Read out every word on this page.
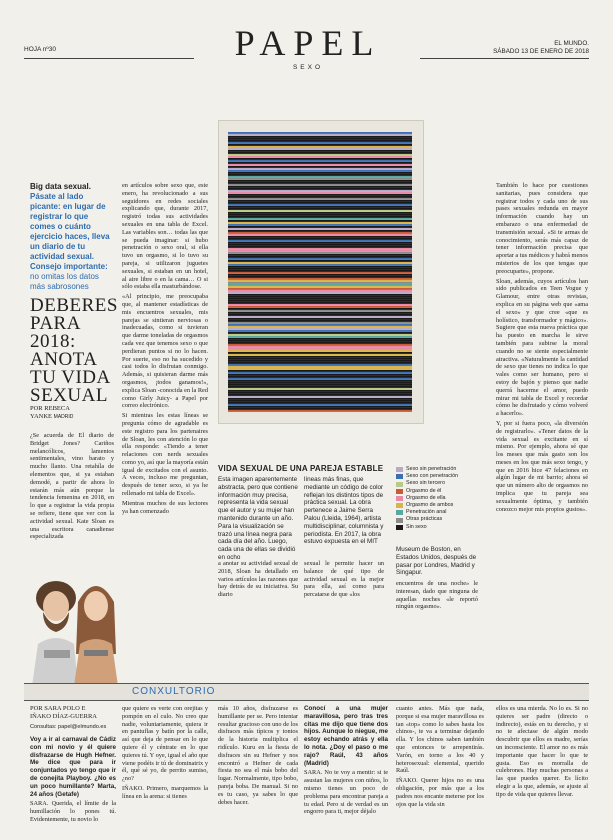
HOJA nº30	PAPEL
SEXO
EL MUNDO.
SÁBADO 13 DE ENERO DE 2018
Big data sexual.
Pásate al lado picante: en lugar de registrar lo que comes o cuánto ejercicio haces, lleva un diario de tu actividad sexual.
Consejo importante:
no omitas los datos más sabrosones
DEBERES
PARA
2018:
ANOTA
TU VIDA
SEXUAL
POR REBECA
YANKE MADRID

¿Se acuerda de El diario de Bridget Jones? Cariños melancólicos, lamentos sentimentales, vino barato y mucho llanto. Una retahíla de elementos que, si ya estaban demodé, a partir de ahora lo estarán más aún porque la tendencia femenina en 2018, en lo que a registrar la vida propia se refiere, tiene que ver con la actividad sexual. Kate Sloan es una escritora canadiense especializada

en artículos sobre sexo que, este enero, ha revolucionado a sus seguidores en redes sociales explicando que, durante 2017, registró todas sus actividades sexuales en una tabla de Excel. Las variables son… todas las que se pueda imaginar: si hubo penetración o sexo oral, si ella tuvo un orgasmo, si lo tuvo su pareja, si utilizaron juguetes sexuales, si estaban en un hotel, al aire libre o en la cama… O si sólo estaba ella masturbándose.

«Al principio, me preocupaba que, al mantener estadísticas de mis encuentros sexuales, mis parejas se sintieran nerviosas o inadecuadas, como si tuvieran que darme toneladas de orgasmos cada vez que tenemos sexo o que perdieran puntos si no lo hacen. Por suerte, eso no ha sucedido y casi todos lo disfrutan conmigo. Además, si quisieran darme más orgasmos, ¡todos ganamos!», explica Sloan -conocida en la Red como Girly Juicy- a Papel por correo electrónico.

Si mientras les estas líneas se pregunta cómo de agradable es este registro para los partenaires de Sloan, les con atención lo que ella responde: «Tiendo a tener relaciones con nerds sexuales como yo, así que la mayoría están igual de excitados con el asunto. A veces, incluso me preguntan, después de tener sexo, si ya he rellenado mi tabla de Excel».

Mientras muchos de sus lectores ya han comenzado

VIDA SEXUAL DE UNA PAREJA ESTABLE
Esta imagen aparentemente abstracta, pero que contiene información muy precisa, representa la vida sexual que el autor y su mujer han mantenido durante un año. Para la visualización se trazó una línea negra para cada día del año. Luego, cada una de ellas se dividió en ocho
líneas más finas, que mediante un código de color reflejan los distintos tipos de práctica sexual. La obra pertenece a Jaime Serra Palou (Lleida, 1964), artista multidisciplinar, columnista y periodista. En 2017, la obra estuvo expuesta en el MIT
Museum de Boston, en Estados Unidos, después de pasar por Londres, Madrid y Singapur.
Sexo sin penetración
Sexo con penetración
Sexo sin tercero
Orgasmo de él
Orgasmo de ella
Orgasmo de ambos
Penetración anal
Otras prácticas
Sin sexo

a anotar su actividad sexual de 2018, Sloan ha detallado en varios artículos las razones que hay detrás de su iniciativa. Su diario

sexual le permite hacer un balance de qué tipo de actividad sexual es la mejor para ella, así como para percatarse de que «los

encuentros de una noche» le interesan, dado que ninguna de aquellas noches «le reportó ningún orgasmo».

También lo hace por cuestiones sanitarias, pues considera que registrar todos y cada uno de sus pases sexuales redunda en mayor información cuando hay un embarazo o una enfermedad de transmisión sexual. «Si te armas de conocimiento, serás más capaz de tener información precisa que aportar a tus médicos y habrá menos misterios de los que tengas que preocuparte», propone.

Sloan, además, cuyos artículos han sido publicados en Teen Vogue y Glamour, entre otras revistas, explica en su página web que «ama el sexo» y que cree «que es holístico, transformador y mágico». Sugiere que esta nueva práctica que ha puesto en marcha le sirve también para subirse la moral cuando no se siente especialmente atractiva. «Naturalmente la cantidad de sexo que tienes no indica lo que vales como ser humano, pero si estoy de bajón y pienso que nadie querrá hacerme el amor, puedo mirar mi tabla de Excel y recordar cómo he disfrutado y cómo volveré a hacerlo».

Y, por si fuera poco, «la diversión de registrarlo». «Tener datos de la vida sexual es excitante en sí mismo. Por ejemplo, ahora sé que los meses que más gasto son los meses en los que más sexo tengo, y que en 2016 hice 47 felaciones en algún lugar de mi barrio; ahora sé que un número alto de orgasmos no implica que tu pareja sea sexualmente óptima, y también conozco mejor mis propios gustos».

CONXULTORIO
POR SARA POLO E
IÑAKO DÍAZ-GUERRA
Consultas: papel@elmundo.es

Voy a ir al carnaval de Cádiz con mi novio y él quiere disfrazarse de Hugh Hefner. Me dice que para ir conjuntados yo tengo que ir de conejita Playboy. ¿No es un poco humillante? Marta, 24 años (Getafe)

SARA. Querida, el límite de la humillación lo pones tú. Evidentemente, tu novio lo

que quiere es verte con orejitas y pompón en el culo. No creo que nadie, voluntariamente, quiera ir en pantuflas y batín por la calle, así que deja de pensar en lo que quiere él y céntrate en lo que quieres tú. Y oye, igual el año que viene podéis ir tú de dominatrix y él, qué sé yo, de perrito sumiso, ¿no?

IÑAKO. Primero, marquemos la línea en la arena: si tienes

más 10 años, disfrazarse es humillante per se. Pero intentar resultar gracioso con uno de los disfraces más típicos y tontos de la historia multiplica el ridículo. Kuru en la fiesta de disfraces sin su Hefner y nos encontró a Hefner de cada fiesta no sea el más bobo del lugar. Normalmente, tipo bobo, pareja boba. De manual. Si no es tu caso, ya sabes lo que debes hacer.

Conocí a una mujer maravillosa, pero tras tres citas me dijo que tiene dos hijos. Aunque lo niegue, me estoy echando atrás y ella lo nota. ¿Doy el paso o me rajo? Raúl, 43 años (Madrid)

SARA. No te voy a mentir: si te asustan las mujeres con niños, lo mismo tienes un poco de problema para encontrar pareja a tu edad. Pero si de verdad es un engorro para ti, mejor déjalo

cuanto antes. Más que nada, porque si esa mujer maravillosa es tan «top» como lo sabes hasta los chinos-, te va a terminar dejando ella. Y los chinos saben también que entonces te arrepentirás. Varón, en torno a los 40 y heterosexual: elemental, querido Raúl.

IÑAKO. Querer hijos no es una obligación, por más que a los padres nos encante meterse por los ojos que la vida sin

ellos es una mierda. No lo es. Si no quieres ser padre (directo o indirecto), estás en tu derecho, y si no te afectase de algún modo descubrir que ellos es madre, serías un inconsciente. El amor no es más importante que hacer lo que te gusta. Eso es morralla de culebrones. Hay muchas personas a las que puedes querer. Es lícito elegir a la que, además, se ajuste al tipo de vida que quieres llevar.
